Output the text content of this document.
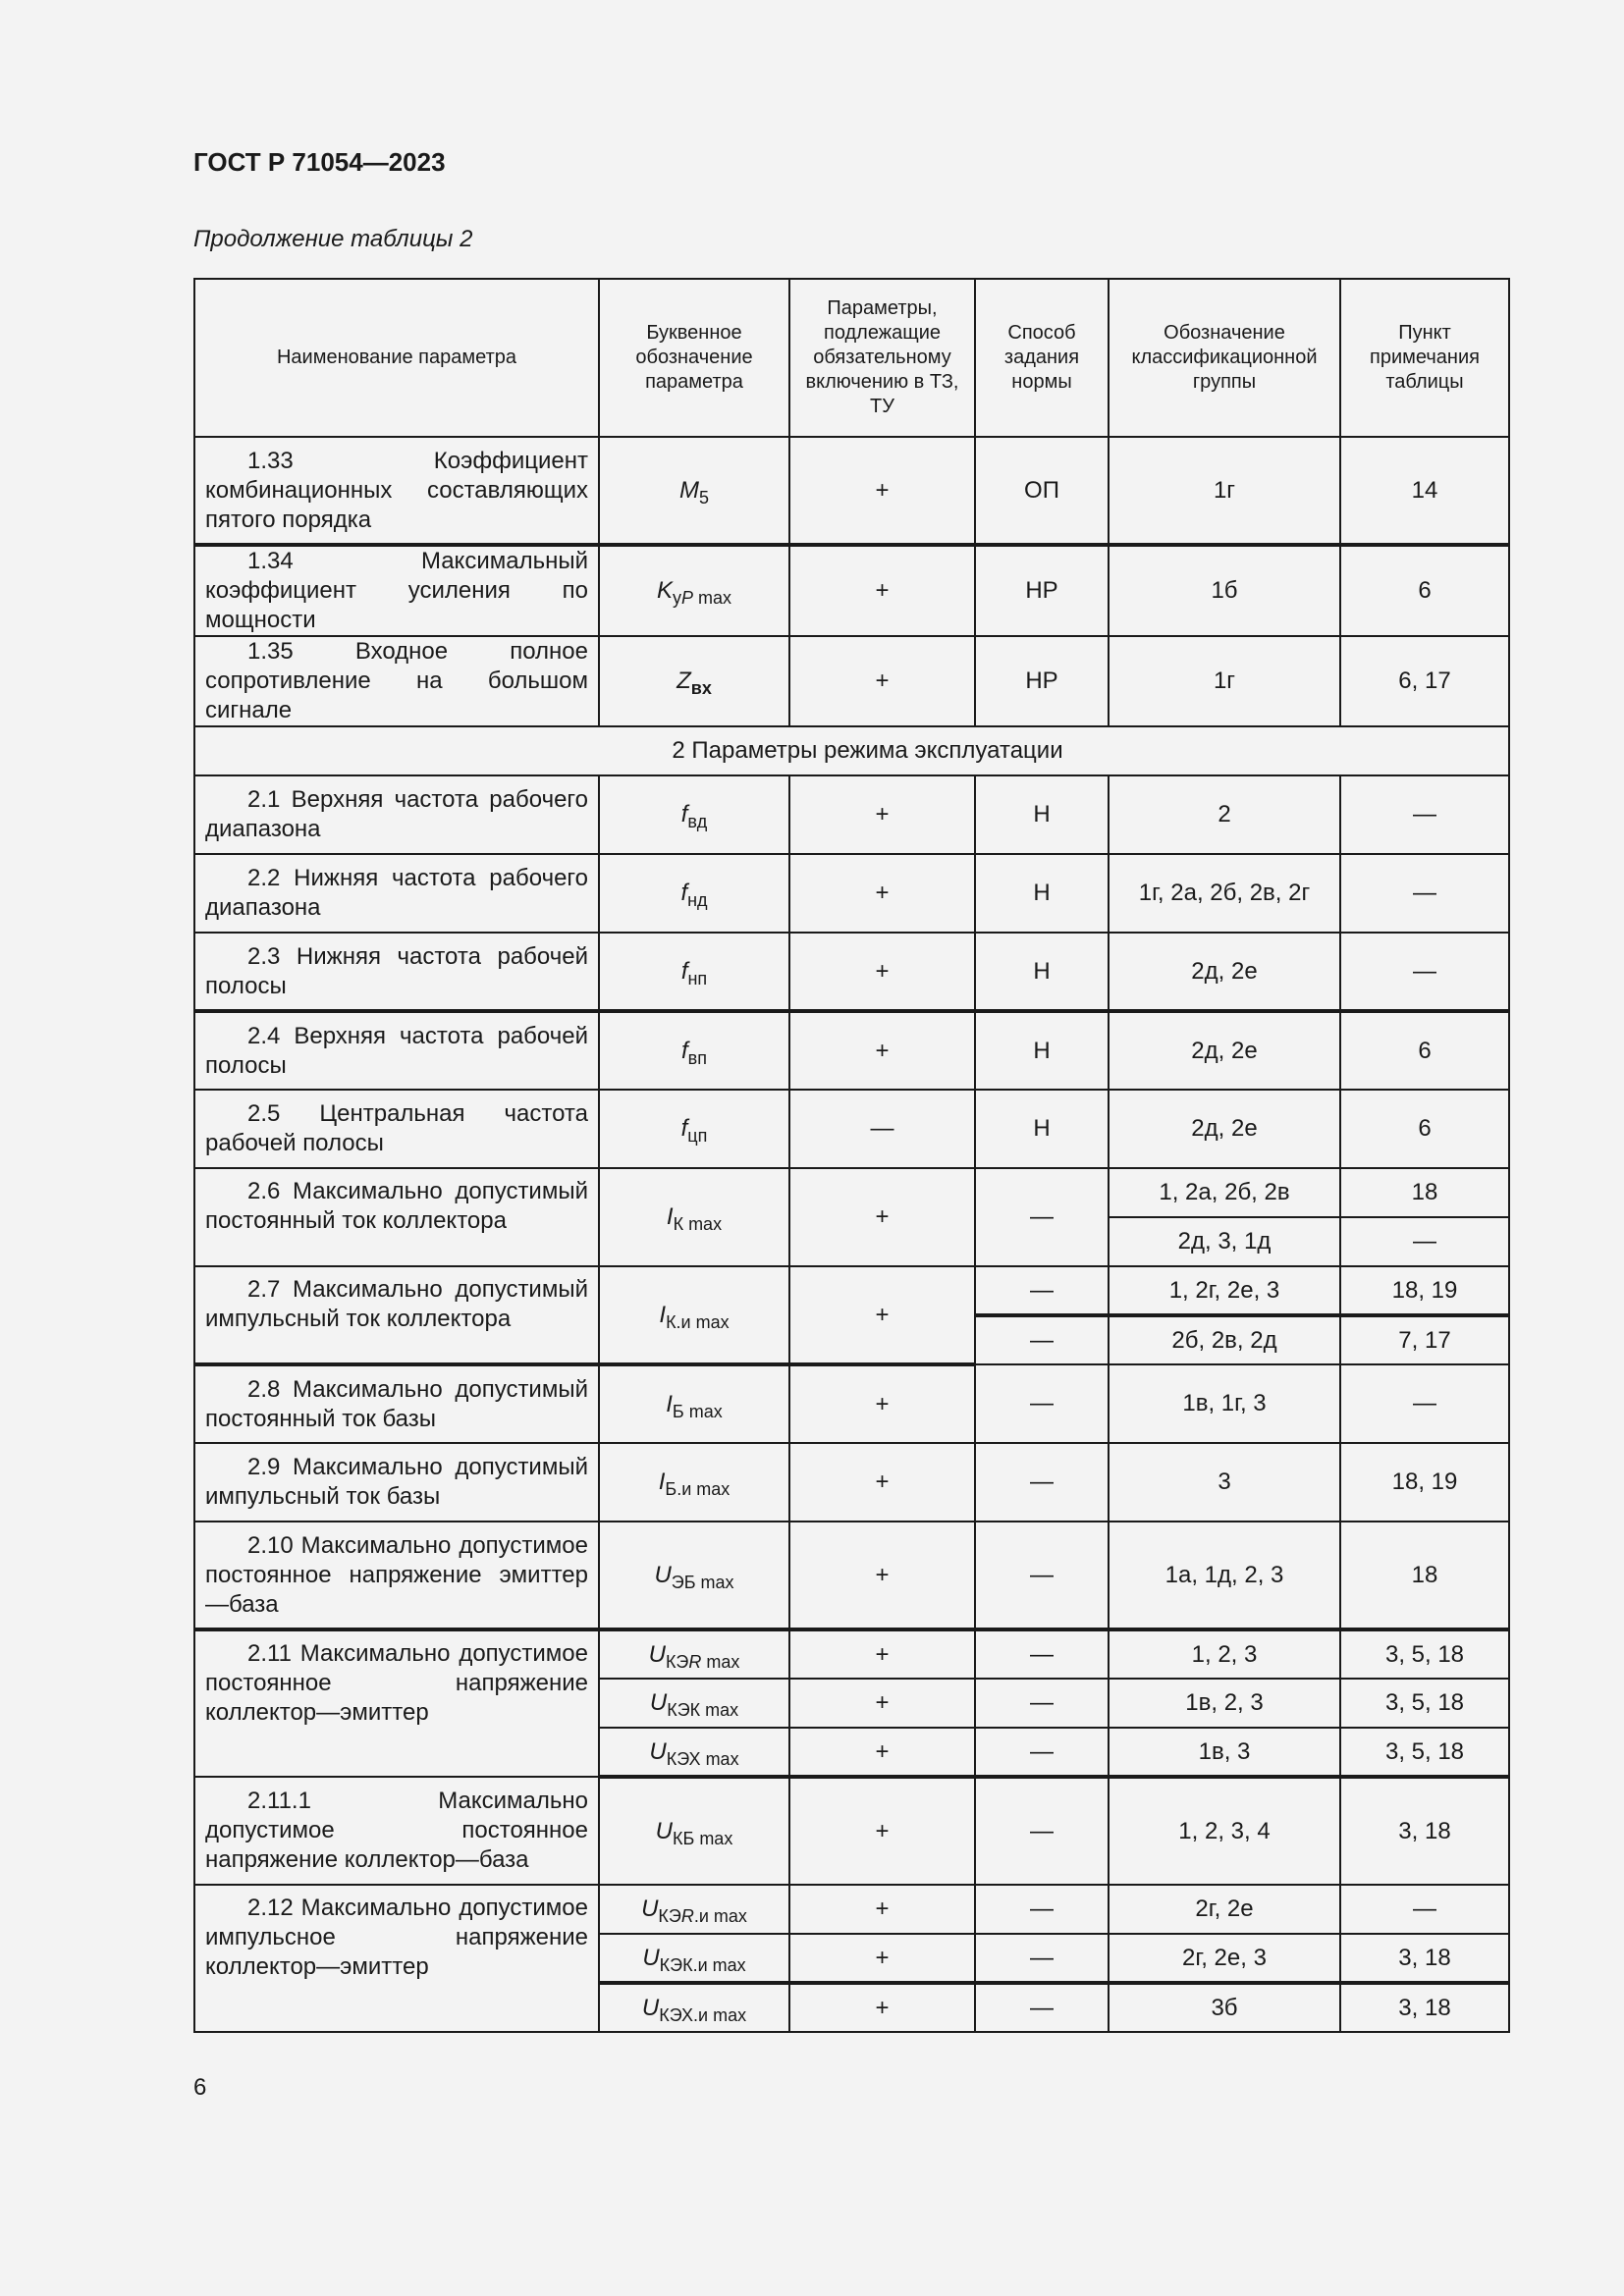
ГОСТ Р 71054—2023
Продолжение таблицы 2
Наименование параметра	Буквенное обозначение параметра	Параметры, подлежащие обязательному включению в ТЗ, ТУ	Способ задания нормы	Обозначение классификационной группы	Пункт примечания таблицы
1.33 Коэффициент комбинационных составляющих пятого порядка	$M_5$	+	ОП	1г	14
1.34 Максимальный коэффициент усиления по мощности	$K_{уP max}$	+	НР	1б	6
1.35 Входное полное сопротивление на большом сигнале	$Z_{вх}$	+	НР	1г	6, 17
2 Параметры режима эксплуатации					
2.1 Верхняя частота рабочего диапазона	$f_{вд}$	+	Н	2	—
2.2 Нижняя частота рабочего диапазона	$f_{нд}$	+	Н	1г, 2а, 2б, 2в, 2г	—
2.3 Нижняя частота рабочей полосы	$f_{нп}$	+	Н	2д, 2е	—
2.4 Верхняя частота рабочей полосы	$f_{вп}$	+	Н	2д, 2е	6
2.5 Центральная частота рабочей полосы	$f_{цп}$	—	Н	2д, 2е	6
2.6 Максимально допустимый постоянный ток коллектора	$I_{К max}$	+	—	1, 2а, 2б, 2в	18
				2д, 3, 1д	—
2.7 Максимально допустимый импульсный ток коллектора	$I_{К.и max}$	+	—	1, 2г, 2е, 3	18, 19
			—	2б, 2в, 2д	7, 17
2.8 Максимально допустимый постоянный ток базы	$I_{Б max}$	+	—	1в, 1г, 3	—
2.9 Максимально допустимый импульсный ток базы	$I_{Б.и max}$	+	—	3	18, 19
2.10 Максимально допустимое постоянное напряжение эмиттер—база	$U_{ЭБ max}$	+	—	1а, 1д, 2, 3	18
2.11 Максимально допустимое постоянное напряжение коллектор—эмиттер	$U_{КЭR max}$	+	—	1, 2, 3	3, 5, 18
	$U_{КЭК max}$	+	—	1в, 2, 3	3, 5, 18
	$U_{КЭХ max}$	+	—	1в, 3	3, 5, 18
2.11.1 Максимально допустимое постоянное напряжение коллектор—база	$U_{КБ max}$	+	—	1, 2, 3, 4	3, 18
2.12 Максимально допустимое импульсное напряжение коллектор—эмиттер	$U_{КЭR.и max}$	+	—	2г, 2е	—
	$U_{КЭК.и max}$	+	—	2г, 2е, 3	3, 18
	$U_{КЭХ.и max}$	+	—	3б	3, 18
6
